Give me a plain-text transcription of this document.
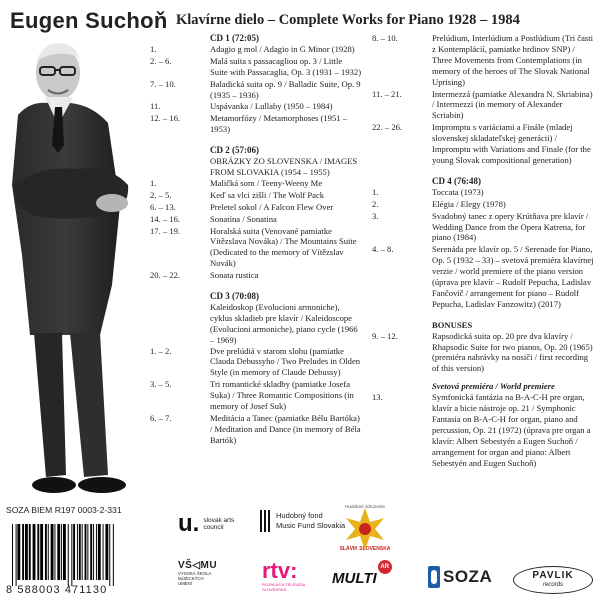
Eugen Suchoň Klavírne dielo – Complete Works for Piano 1928 – 1984
CD 1 (72:05)
1.	Adagio g mol / Adagio in G Minor (1928)
2. – 6.	Malá suita s passacagliou op. 3 / Little Suite with Passacaglia, Op. 3 (1931 – 1932)
7. – 10.	Baladická suita op. 9 / Balladic Suite, Op. 9 (1935 – 1936)
11.	Uspávanka / Lullaby (1950 – 1984)
12. – 16.	Metamorfózy / Metamorphoses (1951 – 1953)
CD 2 (57:06)
OBRÁZKY ZO SLOVENSKA / IMAGES FROM SLOVAKIA (1954 – 1955)
1.	Maličká som / Teeny-Weeny Me
2. – 5.	Keď sa vlci zišli / The Wolf Pack
6. – 13.	Preletel sokol / A Falcon Flew Over
14. – 16.	Sonatína / Sonatina
17. – 19.	Horalská suita (Venované pamiatke Vítězslava Nováka) / The Mountains Suite (Dedicated to the memory of Vítězslav Novák)
20. – 22.	Sonata rustica
CD 3 (70:08)
Kaleidoskop (Evolucioni armoniche), cyklus skladieb pre klavír / Kaleidoscope (Evolucioni armoniche), piano cycle (1966 – 1969)
1. – 2.	Dve prelúdiá v starom slohu (pamiatke Clauda Debussyho / Two Preludes in Olden Style (in memory of Claude Debussy)
3. – 5.	Tri romantické skladby (pamiatke Josefa Suka) / Three Romantic Compositions (in memory of Josef Suk)
6. – 7.	Meditácia a Tanec (pamiatke Bélu Bartóka) / Meditation and Dance (in memory of Béla Bartók)
8. – 10.	Prelúdium, Interlúdium a Postlúdium (Tri časti z Kontemplácií, pamiatke hrdinov SNP) / Three Movements from Contemplations (in memory of the heroes of The Slovak National Uprising)
11. – 21.	Intermezzá (pamiatke Alexandra N. Skriabina) / Intermezzi (in memory of Alexander Scriabin)
22. – 26.	Impromptu s variáciami a Finále (mladej slovenskej skladateľskej generácii) / Impromptu with Variations and Finale (for the young Slovak compositional generation)
CD 4 (76:48)
1.	Toccata (1973)
2.	Elégia / Elegy (1978)
3.	Svadobný tanec z opery Krútňava pre klavír / Wedding Dance from the Opera Katrena, for piano (1984)
4. – 8.	Serenáda pre klavír op. 5 / Serenade for Piano, Op. 5 (1932 – 33) – svetová premiéra klavírnej verzie / world premiere of the piano version (úprava pre klavír – Rudolf Pepucha, Ladislav Fančovič / arrangement for piano – Rudolf Pepucha, Ladislav Fanzowitz) (2017)
BONUSES
9. – 12.	Rapsodická suita op. 20 pre dva klavíry / Rhapsodic Suite for two pianos, Op. 20 (1965) (premiéra nahrávky na nosiči / first recording of this version)
Svetová premiéra / World premiere
13.	Symfonická fantázia na B-A-C-H pre organ, klavír a bicie nástroje op. 21 / Symphonic Fantasia on B-A-C-H for organ, piano and percussion, Op. 21 (1972) (úprava pre organ a klavír: Albert Sebestyén a Eugen Suchoň / arrangement for organ and piano: Albert Sebestyén and Eugen Suchoň)
SOZA BIEM R197 0003-2-331
8 588003 471130
u. slovak arts council
Hudobný fond
Music Fund Slovakia
Hudobné zdruzenie
SLÁVIK SLOVENSKA
VŠ◁MU
VYSOKÁ ŠKOLA MÚZICKÝCH UMENÍ
rtv:
ROZHLAS A TELEVÍZIA SLOVENSKA
MULTI
AR	SOZA	PAVLIK
records
